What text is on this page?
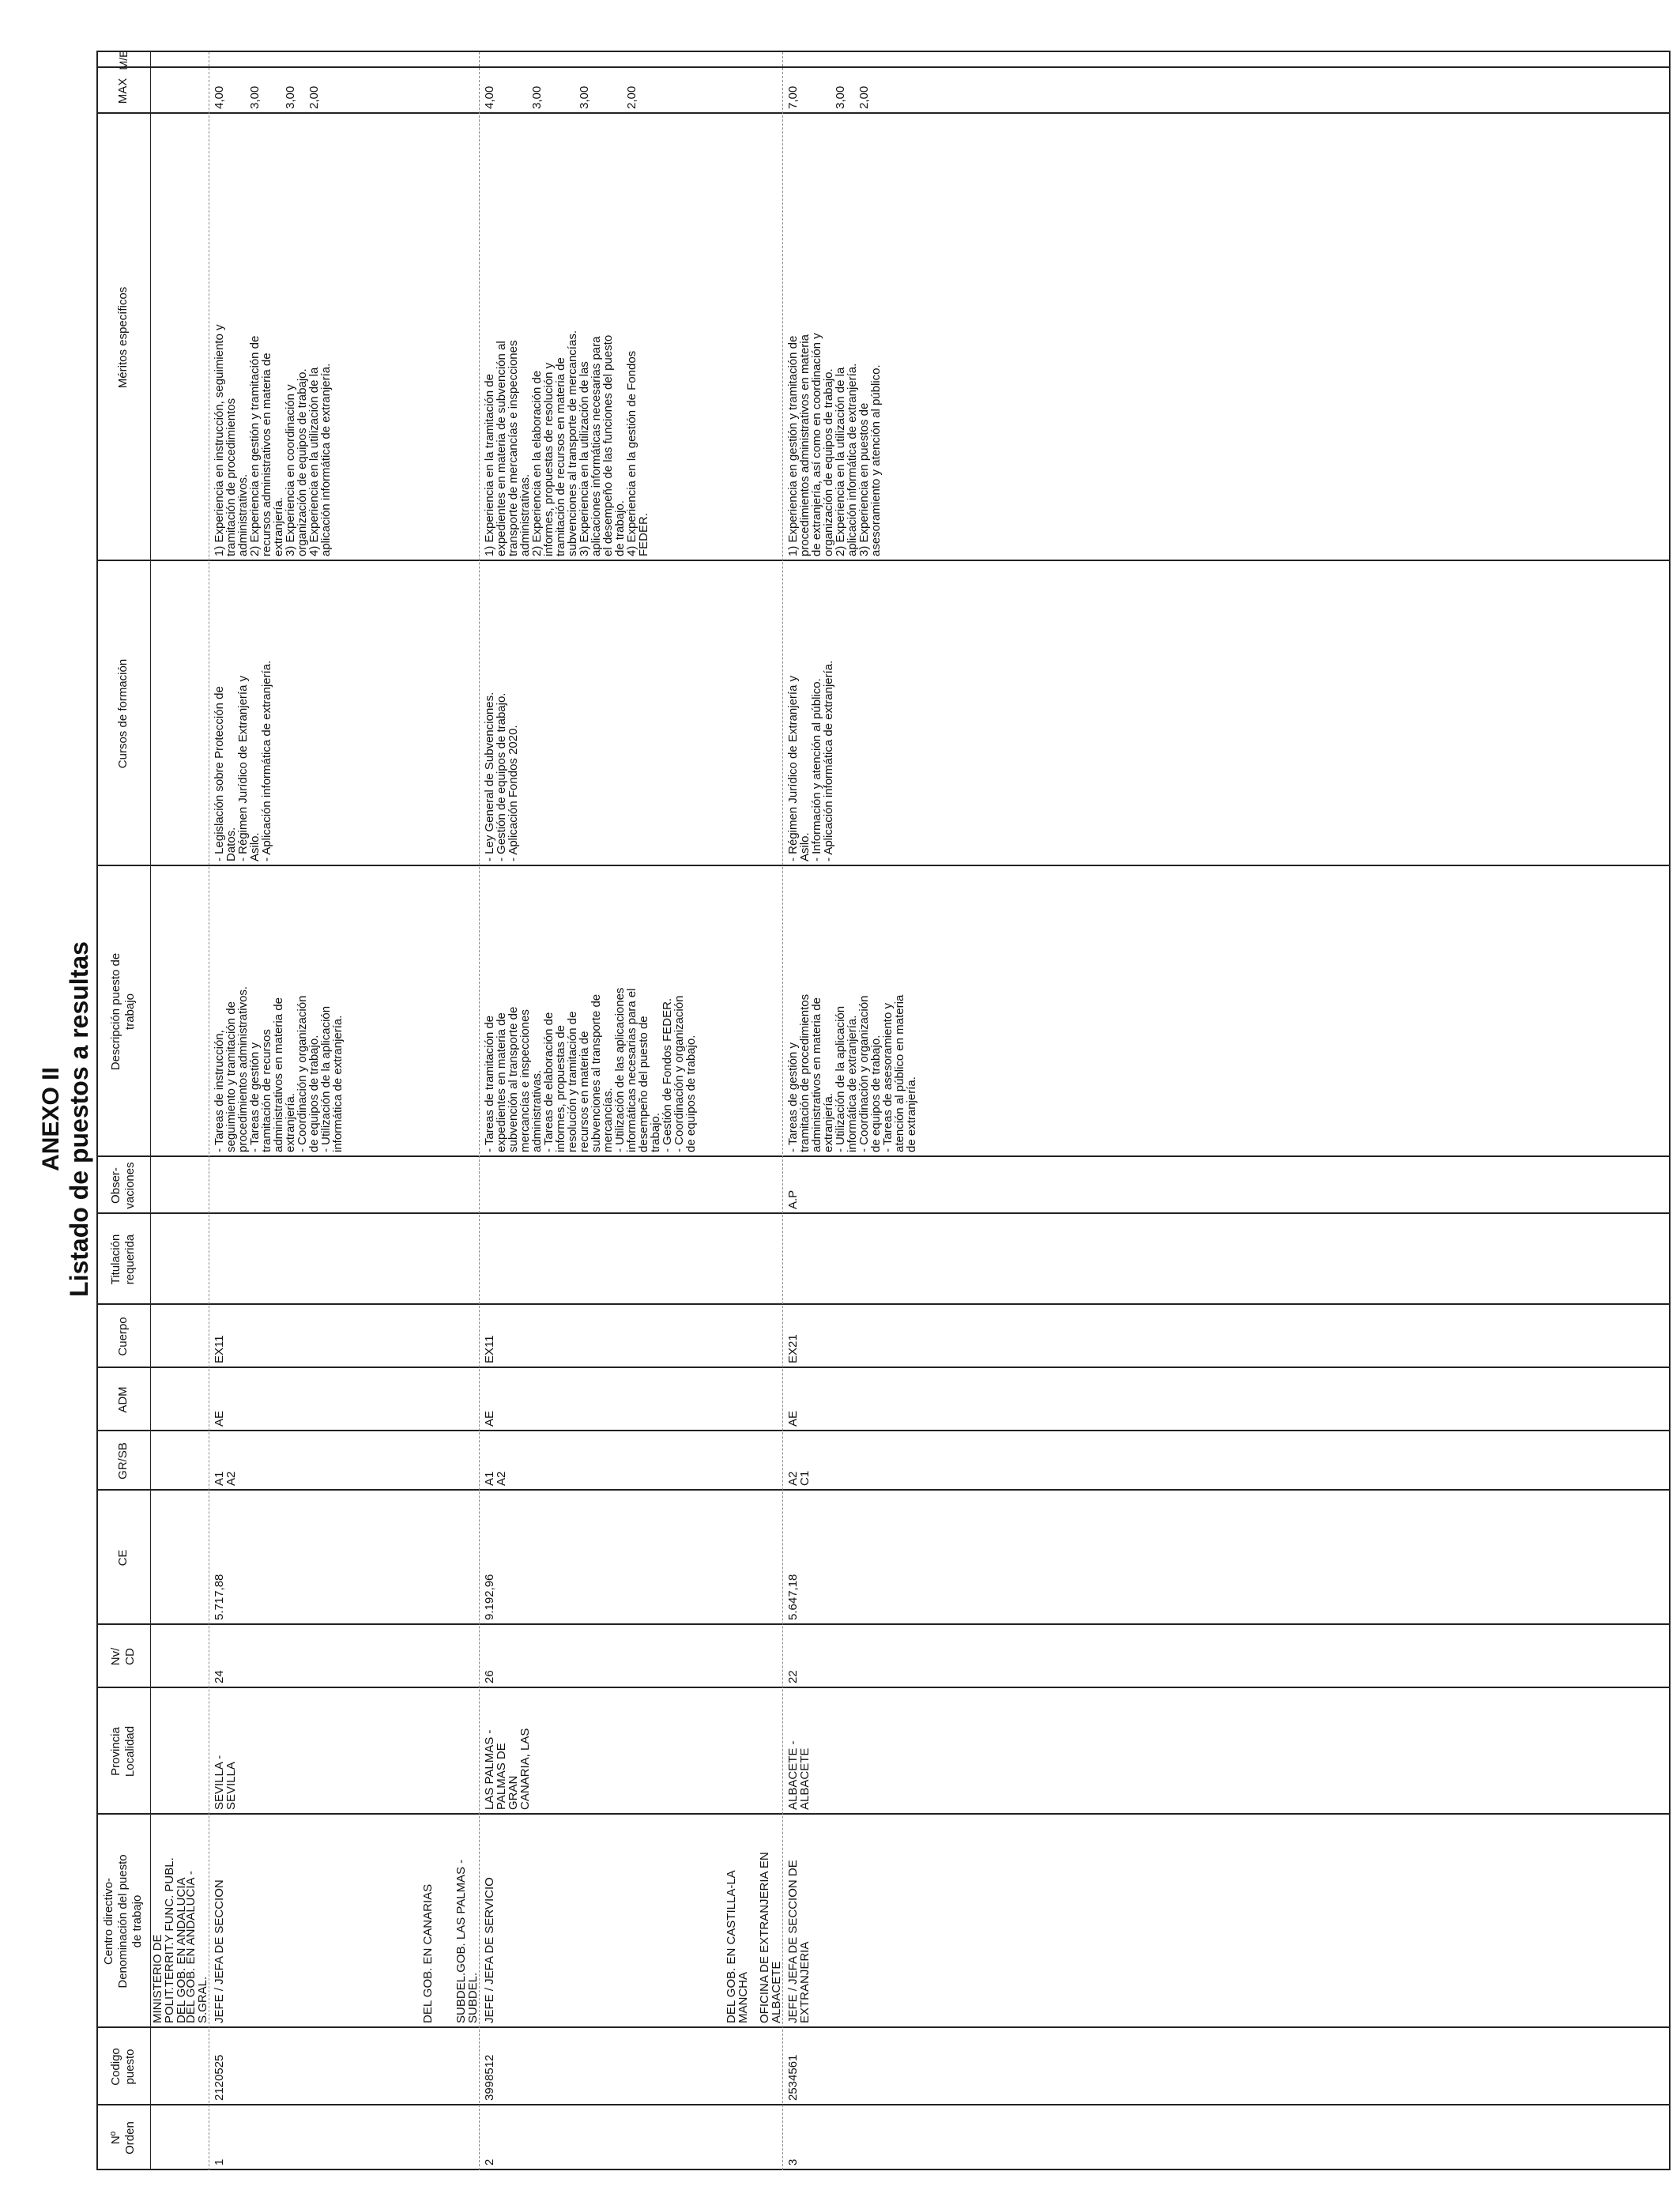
ANEXO II Listado de puestos a resultas
Nº
Orden
Codigo
puesto
Centro directivo-
Denominación del puesto
de trabajo
Provincia
Localidad
Nv/
CD
CE
GR/SB
ADM
Cuerpo
Titulación
requerida
Obser-
vaciones
Descripción puesto de
trabajo
Cursos de formación
Méritos específicos
MAX
M/E
MINISTERIO DE
POLIT.TERRIT.Y FUNC. PUBL.
DEL GOB. EN ANDALUCIA
DEL GOB. EN ANDALUCIA -
S.GRAL.	DEL GOB. EN CANARIAS SUBDEL.GOB. LAS PALMAS -
SUBDEL.	DEL GOB. EN CASTILLA-LA
MANCHA OFICINA DE EXTRANJERIA EN
ALBACETE
1
2120525
JEFE / JEFA DE SECCION
SEVILLA -
SEVILLA
24
5.717,88
A1
A2
AE
EX11
- Tareas de instrucción,
seguimiento y tramitación de
procedimientos administrativos.
- Tareas de gestión y
tramitación de recursos
administrativos en materia de
extranjería.
- Coordinación y organización
de equipos de trabajo.
- Utilización de la aplicación
informática de extranjería.
- Legislación sobre Protección de
Datos.
- Régimen Jurídico de Extranjería y
Asilo.
- Aplicación informática de extranjería.
1) Experiencia en instrucción, seguimiento y
tramitación de procedimientos
administrativos.
2) Experiencia en gestión y tramitación de
recursos administrativos en materia de
extranjería.
3) Experiencia en coordinación y
organización de equipos de trabajo.
4) Experiencia en la utilización de la
aplicación informática de extranjería.
4,00

3,00

3,00

2,00
2
3998512
JEFE / JEFA DE SERVICIO
LAS PALMAS -
PALMAS DE
GRAN
CANARIA, LAS
26
9.192,96
A1
A2
AE
EX11
- Tareas de tramitación de
expedientes en materia de
subvención al transporte de
mercancías e inspecciones
administrativas.
- Tareas de elaboración de
informes, propuestas de
resolución y tramitación de
recursos en materia de
subvenciones al transporte de
mercancías.
- Utilización de las aplicaciones
informáticas necesarias para el
desempeño del puesto de
trabajo.
- Gestión de Fondos FEDER.
- Coordinación y organización
de equipos de trabajo.
- Ley General de Subvenciones.
- Gestión de equipos de trabajo.
- Aplicación Fondos 2020.
1) Experiencia en la tramitación de
expedientes en materia de subvención al
transporte de mercancías e inspecciones
administrativas.
2) Experiencia en la elaboración de
informes, propuestas de resolución y
tramitación de recursos en materia de
subvenciones al transporte de mercancías.
3) Experiencia en la utilización de las
aplicaciones informáticas necesarias para
el desempeño de las funciones del puesto
de trabajo.
4) Experiencia en la gestión de Fondos
FEDER.
4,00

3,00

3,00

2,00
3
2534561
JEFE / JEFA DE SECCION DE
EXTRANJERIA
ALBACETE -
ALBACETE
22
5.647,18
A2
C1
AE
EX21
A.P
- Tareas de gestión y
tramitación de procedimientos
administrativos en materia de
extranjería.
- Utilización de la aplicación
informática de extranjería.
- Coordinación y organización
de equipos de trabajo.
- Tareas de asesoramiento y
atención al público en materia
de extranjería.
- Régimen Jurídico de Extranjería y
Asilo.
- Información y atención al público.
- Aplicación informática de extranjería.
1) Experiencia en gestión y tramitación de
procedimientos administrativos en materia
de extranjería, así como en coordinación y
organización de equipos de trabajo.
2) Experiencia en la utilización de la
aplicación informática de extranjería.
3) Experiencia en puestos de
asesoramiento y atención al público.
7,00

3,00

2,00
